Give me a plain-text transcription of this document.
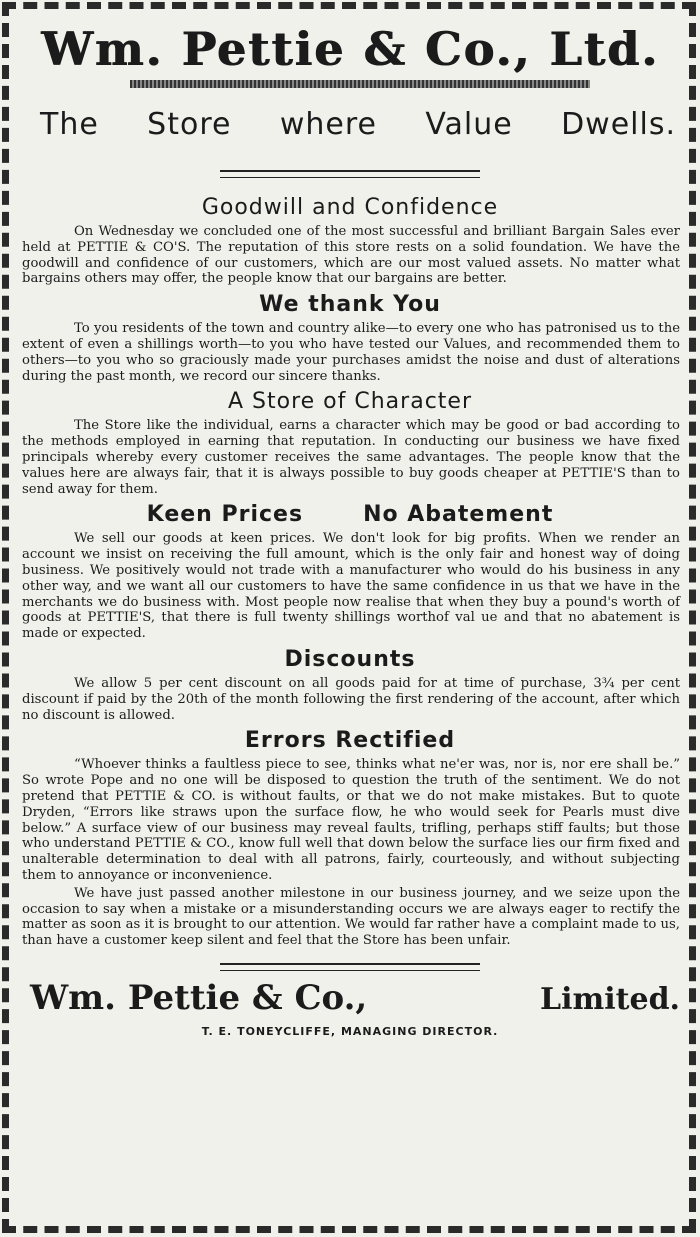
Wm. Pettie & Co., Ltd.
The Store where Value Dwells.
Goodwill and Confidence

On Wednesday we concluded one of the most successful and brilliant Bargain Sales ever held at PETTIE & CO'S. The reputation of this store rests on a solid foundation. We have the goodwill and confidence of our customers, which are our most valued assets. No matter what bargains others may offer, the people know that our bargains are better.

We thank You

To you residents of the town and country alike—to every one who has patronised us to the extent of even a shillings worth—to you who have tested our Values, and recommended them to others—to you who so graciously made your purchases amidst the noise and dust of alterations during the past month, we record our sincere thanks.

A Store of Character

The Store like the individual, earns a character which may be good or bad according to the methods employed in earning that reputation. In conducting our business we have fixed principals whereby every customer receives the same advantages. The people know that the values here are always fair, that it is always possible to buy goods cheaper at PETTIE'S than to send away for them.

Keen Prices	No Abatement

We sell our goods at keen prices. We don't look for big profits. When we render an account we insist on receiving the full amount, which is the only fair and honest way of doing business. We positively would not trade with a manufacturer who would do his business in any other way, and we want all our customers to have the same confidence in us that we have in the merchants we do business with. Most people now realise that when they buy a pound's worth of goods at PETTIE'S, that there is full twenty shillings worthof val ue and that no abatement is made or expected.

Discounts

We allow 5 per cent discount on all goods paid for at time of purchase, 3¾ per cent discount if paid by the 20th of the month following the first rendering of the account, after which no discount is allowed.

Errors Rectified

“Whoever thinks a faultless piece to see, thinks what ne'er was, nor is, nor ere shall be.” So wrote Pope and no one will be disposed to question the truth of the sentiment. We do not pretend that PETTIE & CO. is without faults, or that we do not make mistakes. But to quote Dryden, “Errors like straws upon the surface flow, he who would seek for Pearls must dive below.” A surface view of our business may reveal faults, trifling, perhaps stiff faults; but those who understand PETTIE & CO., know full well that down below the surface lies our firm fixed and unalterable determination to deal with all patrons, fairly, courteously, and without subjecting them to annoyance or inconvenience.

We have just passed another milestone in our business journey, and we seize upon the occasion to say when a mistake or a misunderstanding occurs we are always eager to rectify the matter as soon as it is brought to our attention. We would far rather have a complaint made to us, than have a customer keep silent and feel that the Store has been unfair.

Wm. Pettie & Co.,	Limited.
T. E. TONEYCLIFFE, MANAGING DIRECTOR.
